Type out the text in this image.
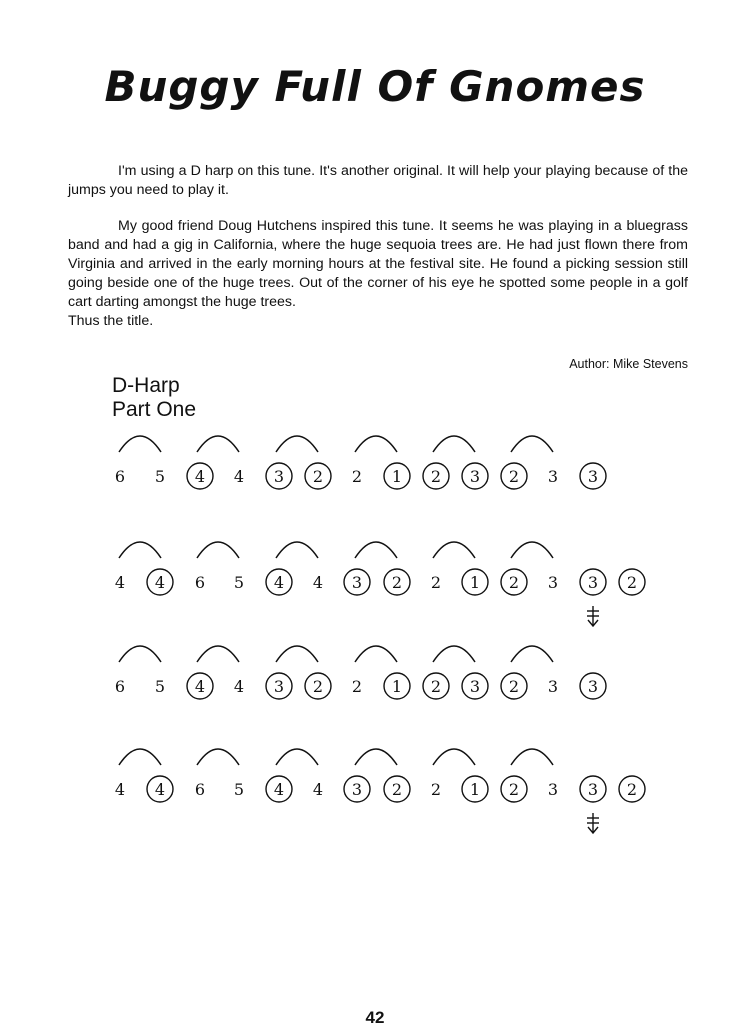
Buggy Full Of Gnomes

I'm using a D harp on this tune. It's another original. It will help your playing because of the jumps you need to play it.

My good friend Doug Hutchens inspired this tune. It seems he was playing in a bluegrass band and had a gig in California, where the huge sequoia trees are. He had just flown there from Virginia and arrived in the early morning hours at the festival site. He found a picking session still going beside one of the huge trees. Out of the corner of his eye he spotted some people in a golf cart darting amongst the huge trees.
Thus the title.

Author: Mike Stevens
D-Harp
Part One
6 5 4 4 3 2 2 1 2 3 2 3 3
4 4 6 5 4 4 3 2 2 1 2 3 3 2
6 5 4 4 3 2 2 1 2 3 2 3 3
4 4 6 5 4 4 3 2 2 1 2 3 3 2
42
